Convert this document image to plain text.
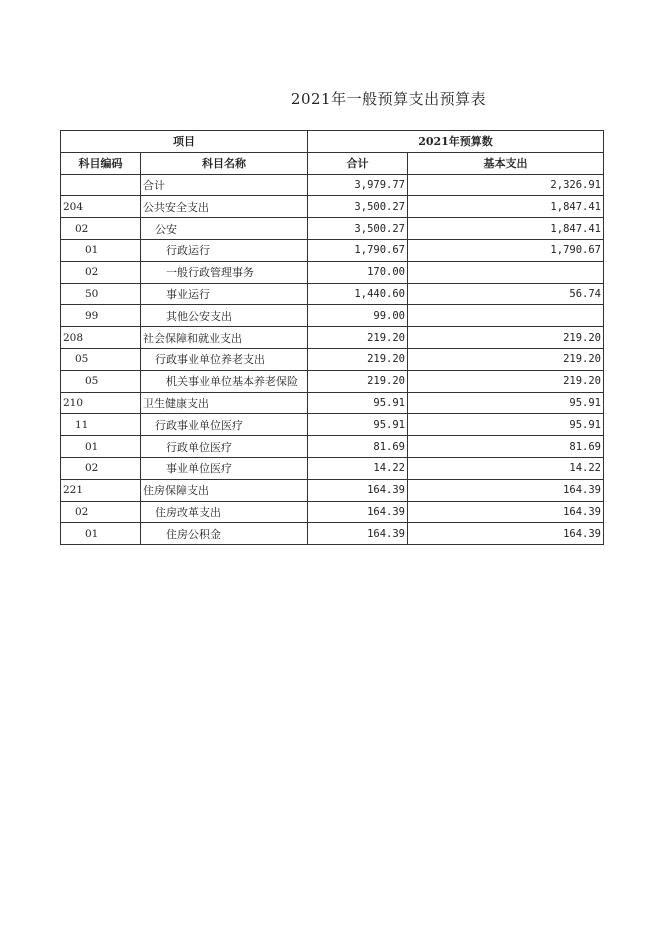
2021年一般预算支出预算表
项目		2021年预算数	
科目编码	科目名称	合计	基本支出
	合计	3,979.77	2,326.91
204	公共安全支出	3,500.27	1,847.41
02	公安	3,500.27	1,847.41
01	行政运行	1,790.67	1,790.67
02	一般行政管理事务	170.00	
50	事业运行	1,440.60	56.74
99	其他公安支出	99.00	
208	社会保障和就业支出	219.20	219.20
05	行政事业单位养老支出	219.20	219.20
05	机关事业单位基本养老保险	219.20	219.20
210	卫生健康支出	95.91	95.91
11	行政事业单位医疗	95.91	95.91
01	行政单位医疗	81.69	81.69
02	事业单位医疗	14.22	14.22
221	住房保障支出	164.39	164.39
02	住房改革支出	164.39	164.39
01	住房公积金	164.39	164.39
